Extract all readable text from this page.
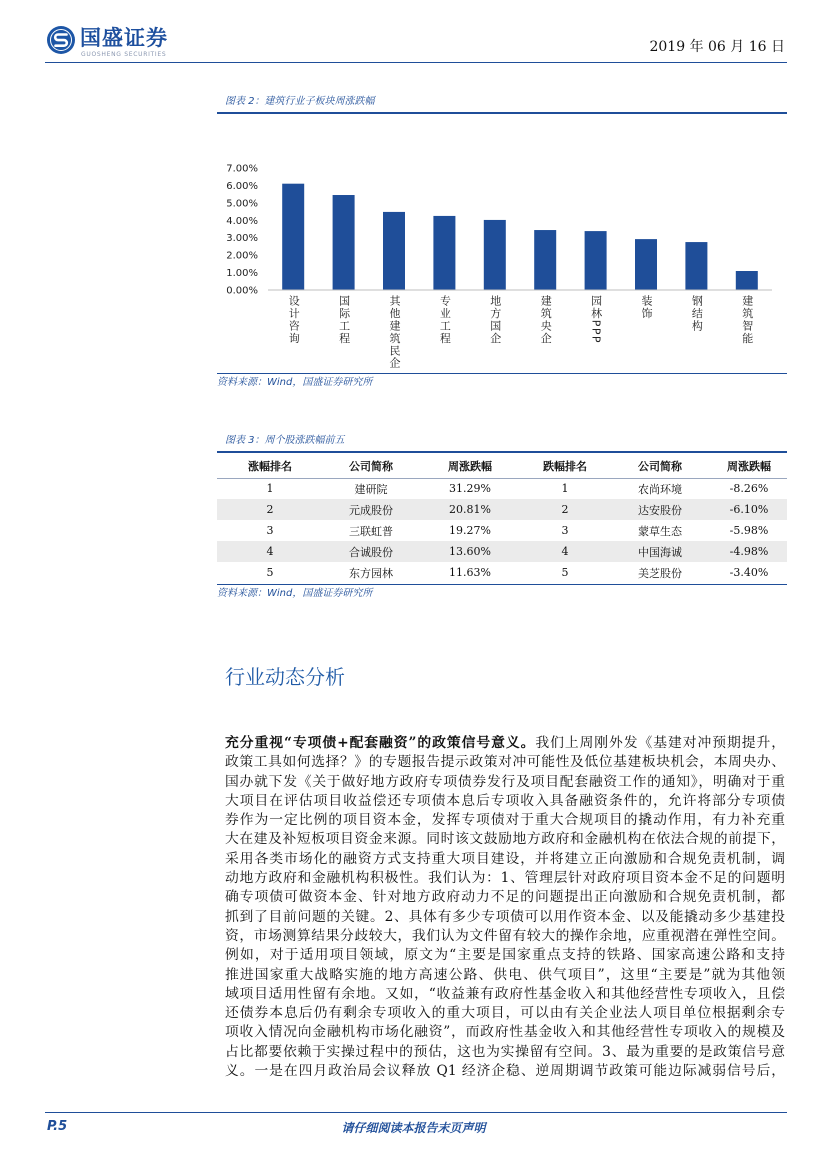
国盛证券
GUOSHENG SECURITIES	2019 年 06 月 16 日
图表 2：建筑行业子板块周涨跌幅
0.00%
1.00%
2.00%
3.00%
4.00%
5.00%
6.00%
7.00%
设计咨询	国际工程	其他建筑民企	专业工程	地方国企	建筑央企	园林PPP	装饰	钢结构	建筑智能
资料来源：Wind，国盛证券研究所
图表 3：周个股涨跌幅前五
涨幅排名	公司简称	周涨跌幅	跌幅排名	公司简称	周涨跌幅
1	建研院	31.29%	1	农尚环境	-8.26%
2	元成股份	20.81%	2	达安股份	-6.10%
3	三联虹普	19.27%	3	蒙草生态	-5.98%
4	合诚股份	13.60%	4	中国海诚	-4.98%
5	东方园林	11.63%	5	美芝股份	-3.40%
资料来源：Wind，国盛证券研究所
行业动态分析
充分重视“专项债+配套融资”的政策信号意义。我们上周刚外发《基建对冲预期提升，
政策工具如何选择？》的专题报告提示政策对冲可能性及低位基建板块机会，本周央办、
国办就下发《关于做好地方政府专项债券发行及项目配套融资工作的通知》，明确对于重
大项目在评估项目收益偿还专项债本息后专项收入具备融资条件的，允许将部分专项债
券作为一定比例的项目资本金，发挥专项债对于重大合规项目的撬动作用，有力补充重
大在建及补短板项目资金来源。同时该文鼓励地方政府和金融机构在依法合规的前提下，
采用各类市场化的融资方式支持重大项目建设，并将建立正向激励和合规免责机制，调
动地方政府和金融机构积极性。我们认为：1、管理层针对政府项目资本金不足的问题明
确专项债可做资本金、针对地方政府动力不足的问题提出正向激励和合规免责机制，都
抓到了目前问题的关键。2、具体有多少专项债可以用作资本金、以及能撬动多少基建投
资，市场测算结果分歧较大，我们认为文件留有较大的操作余地，应重视潜在弹性空间。
例如，对于适用项目领域，原文为“主要是国家重点支持的铁路、国家高速公路和支持
推进国家重大战略实施的地方高速公路、供电、供气项目”，这里“主要是”就为其他领
域项目适用性留有余地。又如，“收益兼有政府性基金收入和其他经营性专项收入，且偿
还债券本息后仍有剩余专项收入的重大项目，可以由有关企业法人项目单位根据剩余专
项收入情况向金融机构市场化融资”，而政府性基金收入和其他经营性专项收入的规模及
占比都要依赖于实操过程中的预估，这也为实操留有空间。3、最为重要的是政策信号意
义。一是在四月政治局会议释放 Q1 经济企稳、逆周期调节政策可能边际减弱信号后，
P.5	请仔细阅读本报告末页声明
